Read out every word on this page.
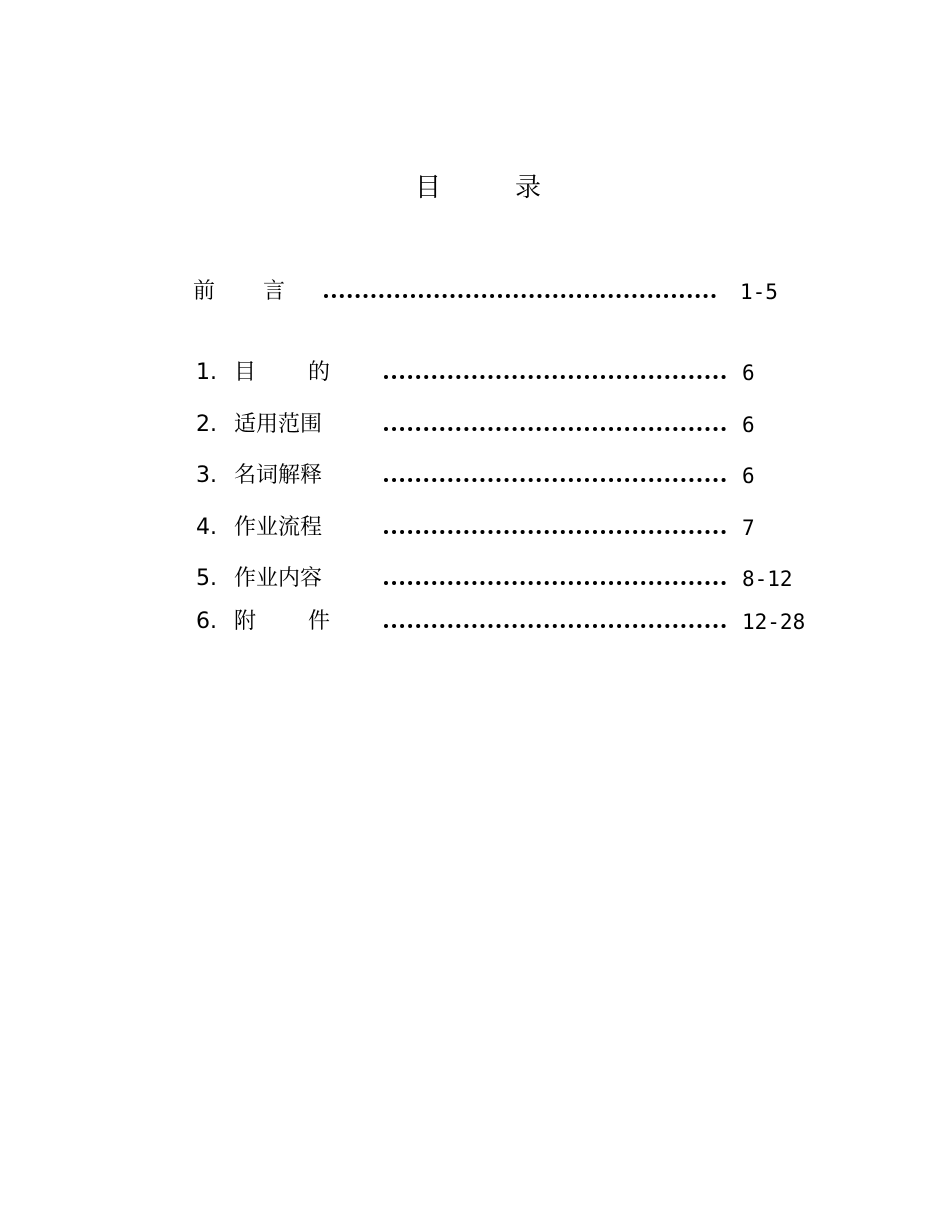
目	录
前 言	1-5
1. 目 的	6
2. 适用范围	6
3. 名词解释	6
4. 作业流程	7
5. 作业内容	8-12
6. 附 件	12-28
